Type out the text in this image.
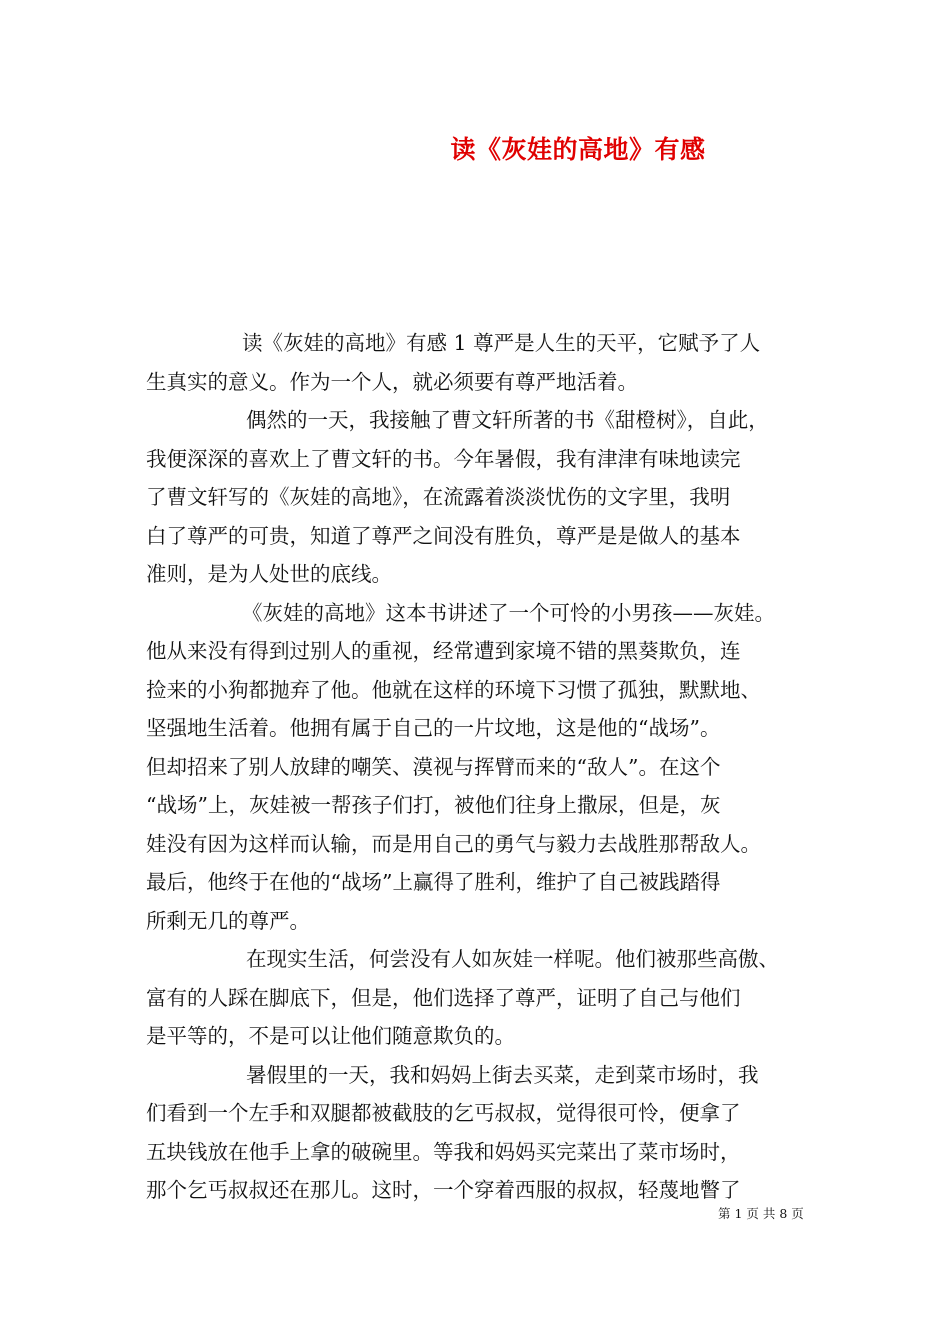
读《灰娃的高地》有感
读《灰娃的高地》有感 1 尊严是人生的天平，它赋予了人
生真实的意义。作为一个人，就必须要有尊严地活着。
偶然的一天，我接触了曹文轩所著的书《甜橙树》，自此，
我便深深的喜欢上了曹文轩的书。今年暑假，我有津津有味地读完
了曹文轩写的《灰娃的高地》，在流露着淡淡忧伤的文字里，我明
白了尊严的可贵，知道了尊严之间没有胜负，尊严是是做人的基本
准则，是为人处世的底线。
《灰娃的高地》这本书讲述了一个可怜的小男孩——灰娃。
他从来没有得到过别人的重视，经常遭到家境不错的黑葵欺负，连
捡来的小狗都抛弃了他。他就在这样的环境下习惯了孤独，默默地、
坚强地生活着。他拥有属于自己的一片坟地，这是他的“战场”。
但却招来了别人放肆的嘲笑、漠视与挥臂而来的“敌人”。在这个
“战场”上，灰娃被一帮孩子们打，被他们往身上撒尿，但是，灰
娃没有因为这样而认输，而是用自己的勇气与毅力去战胜那帮敌人。
最后，他终于在他的“战场”上赢得了胜利，维护了自己被践踏得
所剩无几的尊严。
在现实生活，何尝没有人如灰娃一样呢。他们被那些高傲、
富有的人踩在脚底下，但是，他们选择了尊严，证明了自己与他们
是平等的，不是可以让他们随意欺负的。
暑假里的一天，我和妈妈上街去买菜，走到菜市场时，我
们看到一个左手和双腿都被截肢的乞丐叔叔，觉得很可怜，便拿了
五块钱放在他手上拿的破碗里。等我和妈妈买完菜出了菜市场时，
那个乞丐叔叔还在那儿。这时，一个穿着西服的叔叔，轻蔑地瞥了
第 1 页 共 8 页
